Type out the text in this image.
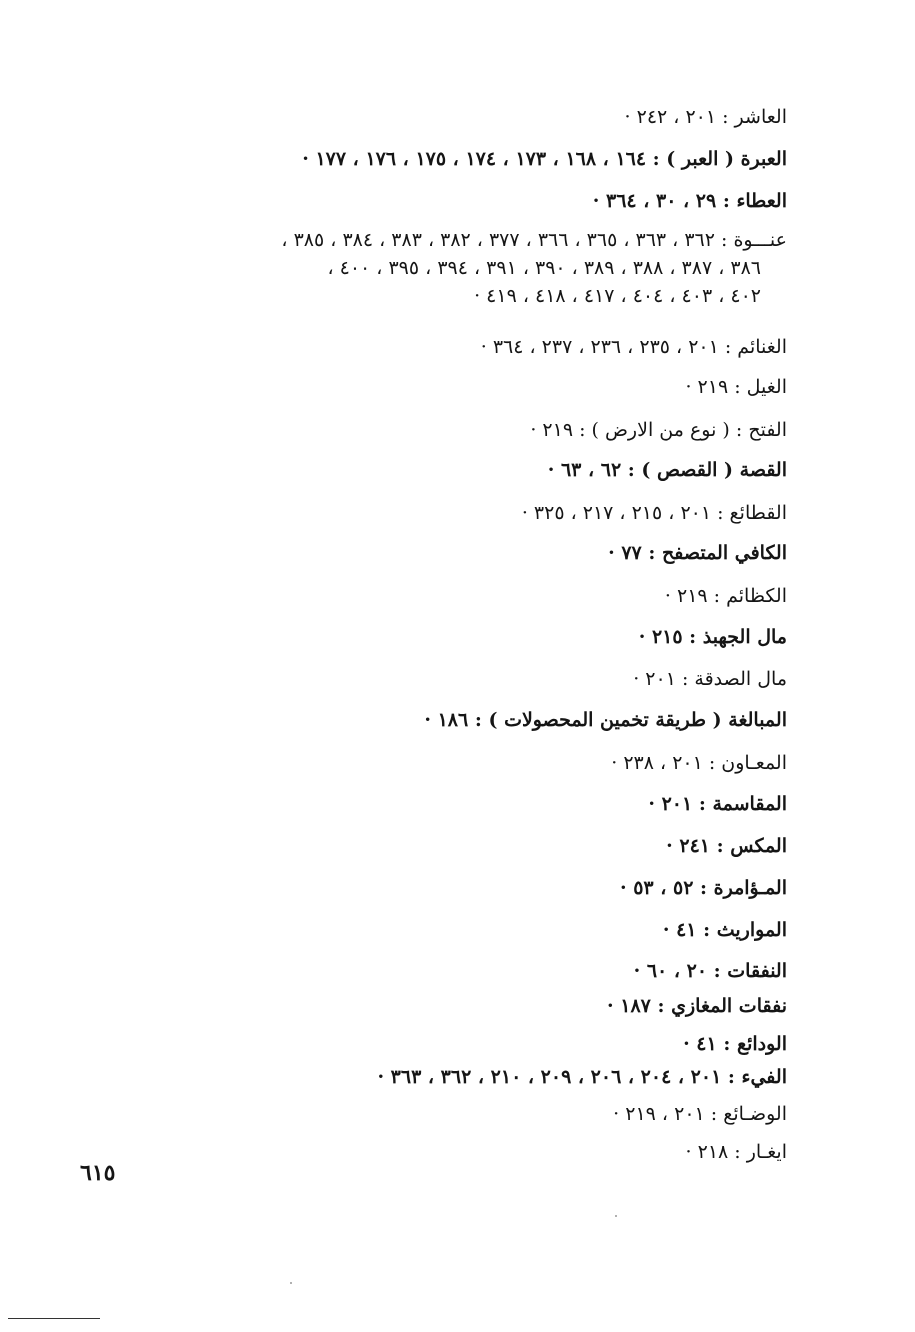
العاشر : ٢٠١ ، ٢٤٢ ·
العبرة ( العبر ) : ١٦٤ ، ١٦٨ ، ١٧٣ ، ١٧٤ ، ١٧٥ ، ١٧٦ ، ١٧٧ ·
العطاء : ٢٩ ، ٣٠ ، ٣٦٤ ·
عنـــوة : ٣٦٢ ، ٣٦٣ ، ٣٦٥ ، ٣٦٦ ، ٣٧٧ ، ٣٨٢ ، ٣٨٣ ، ٣٨٤ ، ٣٨٥ ،
٣٨٦ ، ٣٨٧ ، ٣٨٨ ، ٣٨٩ ، ٣٩٠ ، ٣٩١ ، ٣٩٤ ، ٣٩٥ ، ٤٠٠ ،
٤٠٢ ، ٤٠٣ ، ٤٠٤ ، ٤١٧ ، ٤١٨ ، ٤١٩ ·
الغنائم : ٢٠١ ، ٢٣٥ ، ٢٣٦ ، ٢٣٧ ، ٣٦٤ ·
الغيل : ٢١٩ ·
الفتح : ( نوع من الارض ) : ٢١٩ ·
القصة ( القصص ) : ٦٢ ، ٦٣ ·
القطائع : ٢٠١ ، ٢١٥ ، ٢١٧ ، ٣٢٥ ·
الكافي المتصفح : ٧٧ ·
الكظائم : ٢١٩ ·
مال الجهبذ : ٢١٥ ·
مال الصدقة : ٢٠١ ·
المبالغة ( طريقة تخمين المحصولات ) : ١٨٦ ·
المعـاون : ٢٠١ ، ٢٣٨ ·
المقاسمة : ٢٠١ ·
المكس : ٢٤١ ·
المـؤامرة : ٥٢ ، ٥٣ ·
المواريث : ٤١ ·
النفقات : ٢٠ ، ٦٠ ·
نفقات المغازي : ١٨٧ ·
الودائع : ٤١ ·
الفيء : ٢٠١ ، ٢٠٤ ، ٢٠٦ ، ٢٠٩ ، ٢١٠ ، ٣٦٢ ، ٣٦٣ ·
الوضـائع : ٢٠١ ، ٢١٩ ·
ايغـار : ٢١٨ ·
٦١٥
